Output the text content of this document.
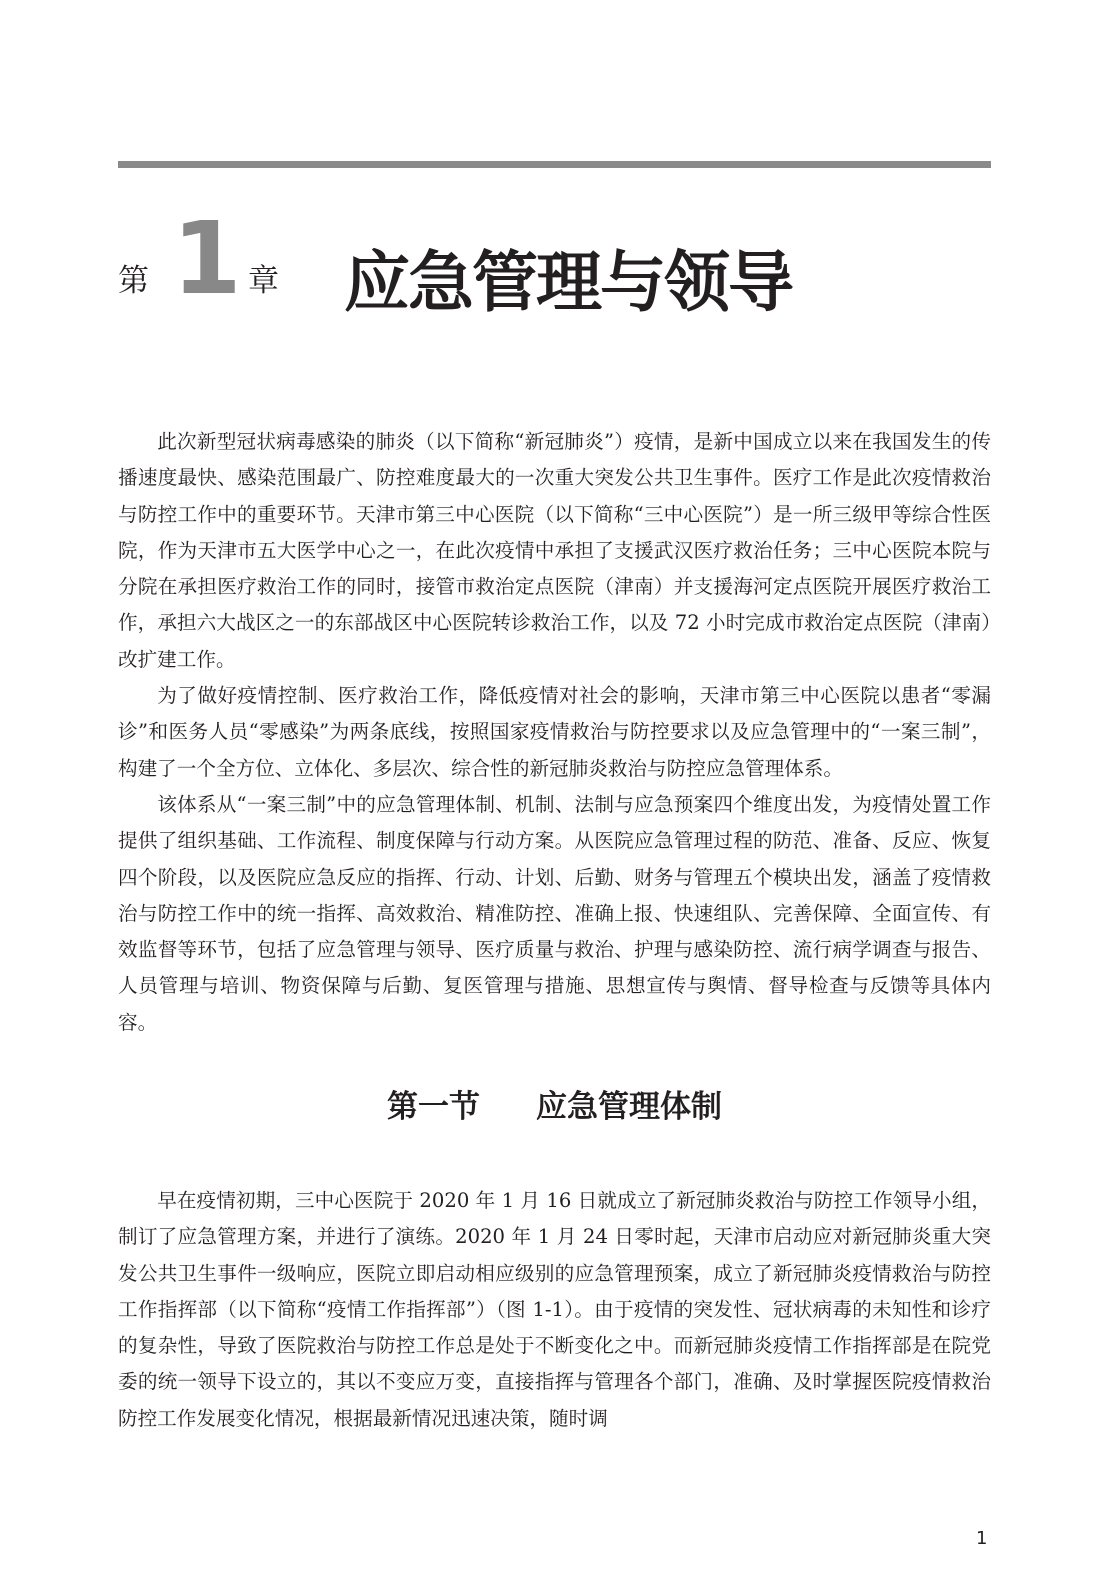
第 1 章 应急管理与领导

此次新型冠状病毒感染的肺炎（以下简称“新冠肺炎”）疫情，是新中国成立以来在我国发生的传播速度最快、感染范围最广、防控难度最大的一次重大突发公共卫生事件。医疗工作是此次疫情救治与防控工作中的重要环节。天津市第三中心医院（以下简称“三中心医院”）是一所三级甲等综合性医院，作为天津市五大医学中心之一，在此次疫情中承担了支援武汉医疗救治任务；三中心医院本院与分院在承担医疗救治工作的同时，接管市救治定点医院（津南）并支援海河定点医院开展医疗救治工作，承担六大战区之一的东部战区中心医院转诊救治工作，以及 72 小时完成市救治定点医院（津南）改扩建工作。

为了做好疫情控制、医疗救治工作，降低疫情对社会的影响，天津市第三中心医院以患者“零漏诊”和医务人员“零感染”为两条底线，按照国家疫情救治与防控要求以及应急管理中的“一案三制”，构建了一个全方位、立体化、多层次、综合性的新冠肺炎救治与防控应急管理体系。

该体系从“一案三制”中的应急管理体制、机制、法制与应急预案四个维度出发，为疫情处置工作提供了组织基础、工作流程、制度保障与行动方案。从医院应急管理过程的防范、准备、反应、恢复四个阶段，以及医院应急反应的指挥、行动、计划、后勤、财务与管理五个模块出发，涵盖了疫情救治与防控工作中的统一指挥、高效救治、精准防控、准确上报、快速组队、完善保障、全面宣传、有效监督等环节，包括了应急管理与领导、医疗质量与救治、护理与感染防控、流行病学调查与报告、人员管理与培训、物资保障与后勤、复医管理与措施、思想宣传与舆情、督导检查与反馈等具体内容。

第一节 应急管理体制

早在疫情初期，三中心医院于 2020 年 1 月 16 日就成立了新冠肺炎救治与防控工作领导小组，制订了应急管理方案，并进行了演练。2020 年 1 月 24 日零时起，天津市启动应对新冠肺炎重大突发公共卫生事件一级响应，医院立即启动相应级别的应急管理预案，成立了新冠肺炎疫情救治与防控工作指挥部（以下简称“疫情工作指挥部”）（图 1-1）。由于疫情的突发性、冠状病毒的未知性和诊疗的复杂性，导致了医院救治与防控工作总是处于不断变化之中。而新冠肺炎疫情工作指挥部是在院党委的统一领导下设立的，其以不变应万变，直接指挥与管理各个部门，准确、及时掌握医院疫情救治防控工作发展变化情况，根据最新情况迅速决策，随时调

1
